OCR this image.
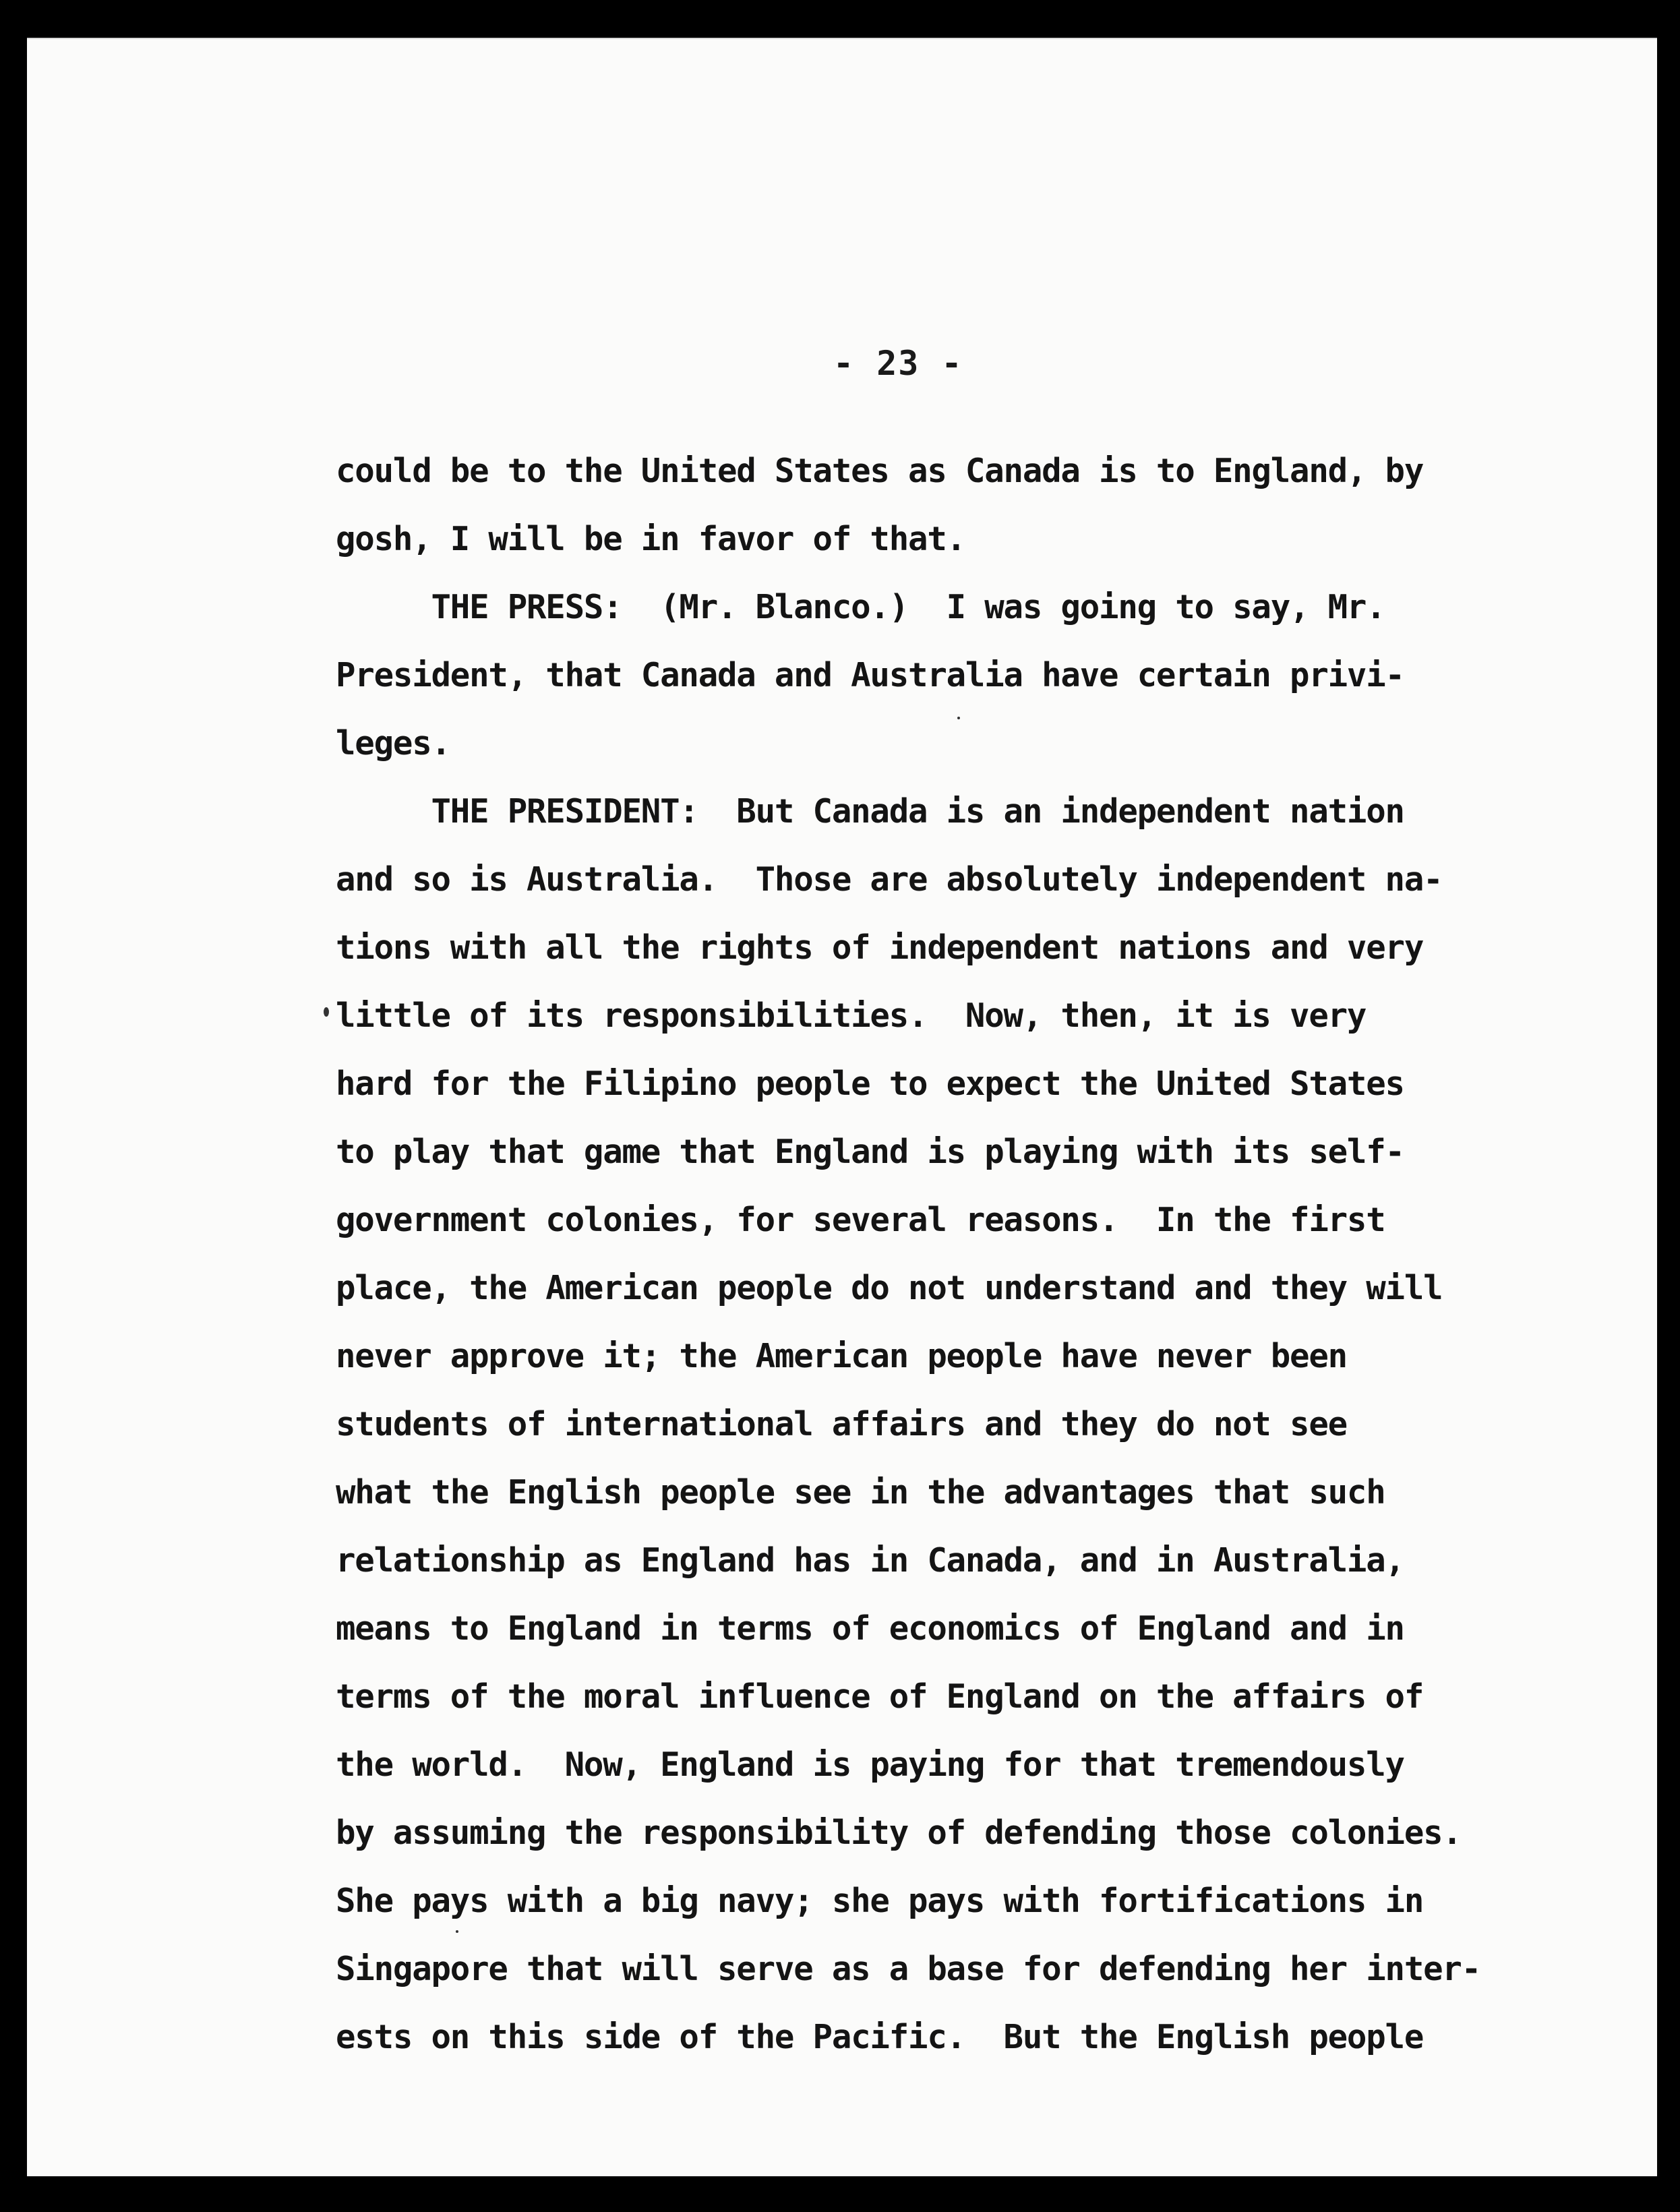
- 23 -
could be to the United States as Canada is to England, by
gosh, I will be in favor of that.
THE PRESS:  (Mr. Blanco.)  I was going to say, Mr.
President, that Canada and Australia have certain privi-
leges.
THE PRESIDENT:  But Canada is an independent nation
and so is Australia.  Those are absolutely independent na-
tions with all the rights of independent nations and very
little of its responsibilities.  Now, then, it is very
hard for the Filipino people to expect the United States
to play that game that England is playing with its self-
government colonies, for several reasons.  In the first
place, the American people do not understand and they will
never approve it; the American people have never been
students of international affairs and they do not see
what the English people see in the advantages that such
relationship as England has in Canada, and in Australia,
means to England in terms of economics of England and in
terms of the moral influence of England on the affairs of
the world.  Now, England is paying for that tremendously
by assuming the responsibility of defending those colonies.
She pays with a big navy; she pays with fortifications in
Singapore that will serve as a base for defending her inter-
ests on this side of the Pacific.  But the English people
